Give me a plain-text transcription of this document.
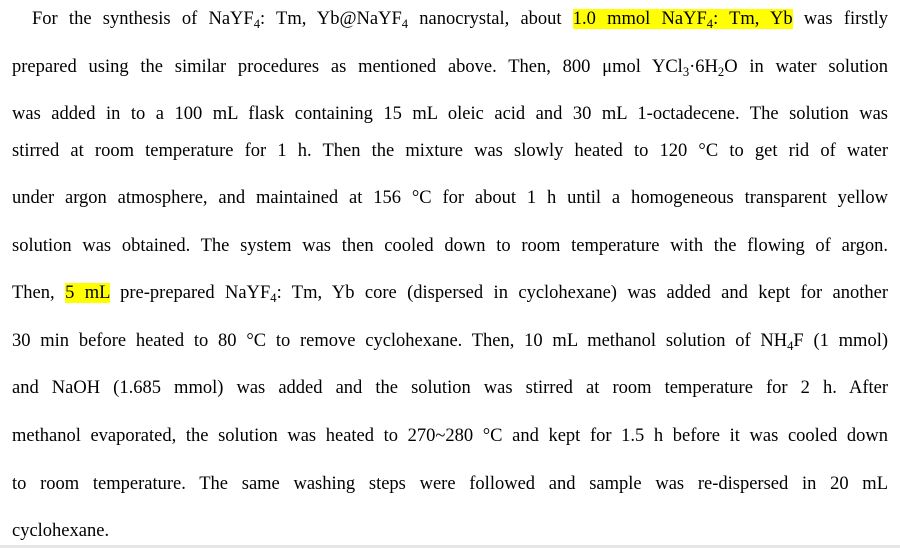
For the synthesis of NaYF$_4$: Tm, Yb@NaYF$_4$ nanocrystal, about 1.0 mmol NaYF$_4$: Tm, Yb was firstly
prepared using the similar procedures as mentioned above. Then, 800 μmol $YCl_3\cdot 6H_2O$ in water solution
was added in to a 100 mL flask containing 15 mL oleic acid and 30 mL 1-octadecene. The solution was
stirred at room temperature for 1 h. Then the mixture was slowly heated to 120 °C to get rid of water
under argon atmosphere, and maintained at 156 °C for about 1 h until a homogeneous transparent yellow
solution was obtained. The system was then cooled down to room temperature with the flowing of argon.
Then, 5 mL pre-prepared NaYF$_4$: Tm, Yb core (dispersed in cyclohexane) was added and kept for another
30 min before heated to 80 °C to remove cyclohexane. Then, 10 mL methanol solution of $NH_4F$ (1 mmol)
and NaOH (1.685 mmol) was added and the solution was stirred at room temperature for 2 h. After
methanol evaporated, the solution was heated to 270~280 °C and kept for 1.5 h before it was cooled down
to room temperature. The same washing steps were followed and sample was re-dispersed in 20 mL
cyclohexane.
